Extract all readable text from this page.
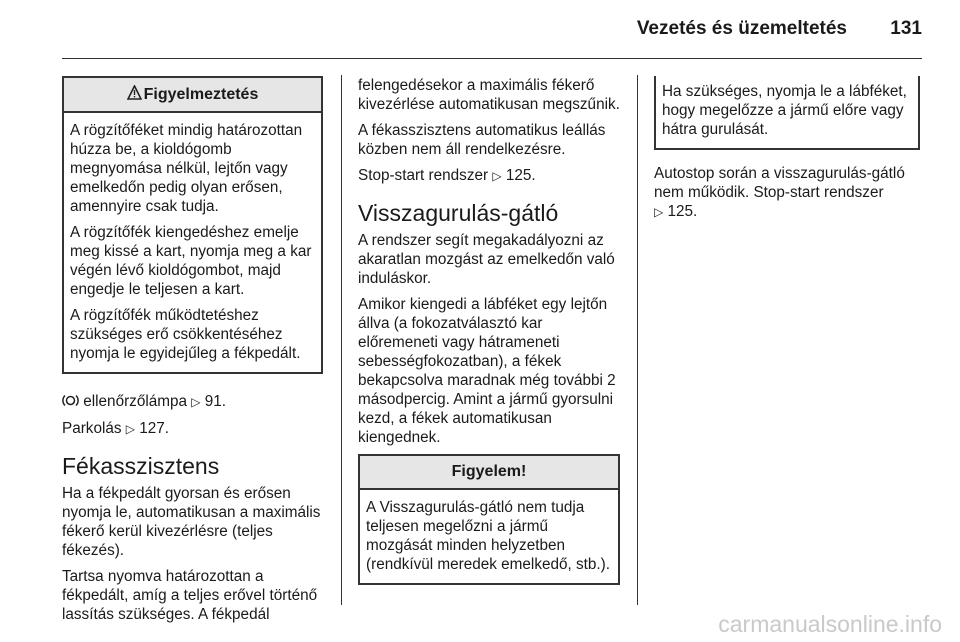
Vezetés és üzemeltetés 131
Figyelmeztetés

A rögzítőféket mindig határozottan húzza be, a kioldógomb megnyomása nélkül, lejtőn vagy emelkedőn pedig olyan erősen, amennyire csak tudja.

A rögzítőfék kiengedéshez emelje meg kissé a kart, nyomja meg a kar végén lévő kioldógombot, majd engedje le teljesen a kart.

A rögzítőfék működtetéshez szükséges erő csökkentéséhez nyomja le egyidejűleg a fékpedált.

ellenőrzőlámpa ▷ 91.

Parkolás ▷ 127.

Fékasszisztens

Ha a fékpedált gyorsan és erősen nyomja le, automatikusan a maximális fékerő kerül kivezérlésre (teljes fékezés).

Tartsa nyomva határozottan a fékpedált, amíg a teljes erővel történő lassítás szükséges. A fékpedál

felengedésekor a maximális fékerő kivezérlése automatikusan megszűnik.

A fékasszisztens automatikus leállás közben nem áll rendelkezésre.

Stop-start rendszer ▷ 125.

Visszagurulás-gátló

A rendszer segít megakadályozni az akaratlan mozgást az emelkedőn való induláskor.

Amikor kiengedi a lábféket egy lejtőn állva (a fokozatválasztó kar előremeneti vagy hátrameneti sebességfokozatban), a fékek bekapcsolva maradnak még további 2 másodpercig. Amint a jármű gyorsulni kezd, a fékek automatikusan kiengednek.

Figyelem!

A Visszagurulás-gátló nem tudja teljesen megelőzni a jármű mozgását minden helyzetben (rendkívül meredek emelkedő, stb.).

Ha szükséges, nyomja le a lábféket, hogy megelőzze a jármű előre vagy hátra gurulását.

Autostop során a visszagurulás-gátló nem működik. Stop-start rendszer
▷ 125.

carmanualsonline.info
